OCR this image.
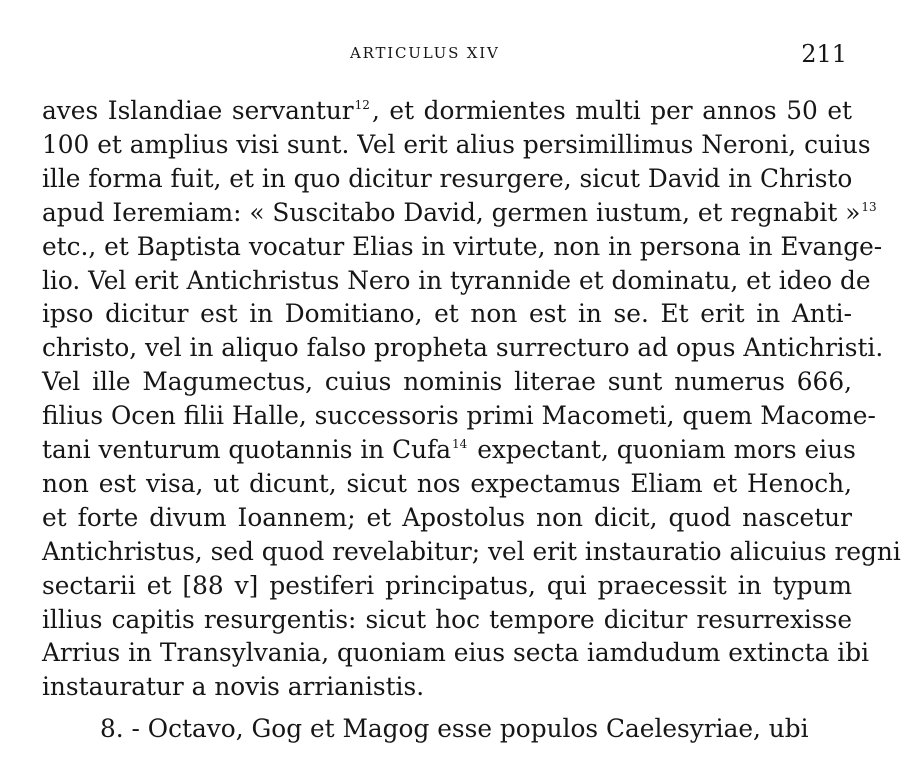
ARTICULUS XIV	211
aves Islandiae servantur$^{12}$, et dormientes multi per annos 50 et
100 et amplius visi sunt. Vel erit alius persimillimus Neroni, cuius
ille forma fuit, et in quo dicitur resurgere, sicut David in Christo
apud Ieremiam: « Suscitabo David, germen iustum, et regnabit »$^{13}$
etc., et Baptista vocatur Elias in virtute, non in persona in Evange-
lio. Vel erit Antichristus Nero in tyrannide et dominatu, et ideo de
ipso dicitur est in Domitiano, et non est in se. Et erit in Anti-
christo, vel in aliquo falso propheta surrecturo ad opus Antichristi.
Vel ille Magumectus, cuius nominis literae sunt numerus 666,
filius Ocen filii Halle, successoris primi Macometi, quem Macome-
tani venturum quotannis in Cufa$^{14}$ expectant, quoniam mors eius
non est visa, ut dicunt, sicut nos expectamus Eliam et Henoch,
et forte divum Ioannem; et Apostolus non dicit, quod nascetur
Antichristus, sed quod revelabitur; vel erit instauratio alicuius regni
sectarii et [88 v] pestiferi principatus, qui praecessit in typum
illius capitis resurgentis: sicut hoc tempore dicitur resurrexisse
Arrius in Transylvania, quoniam eius secta iamdudum extincta ibi
instauratur a novis arrianistis.
8. - Octavo, Gog et Magog esse populos Caelesyriae, ubi
